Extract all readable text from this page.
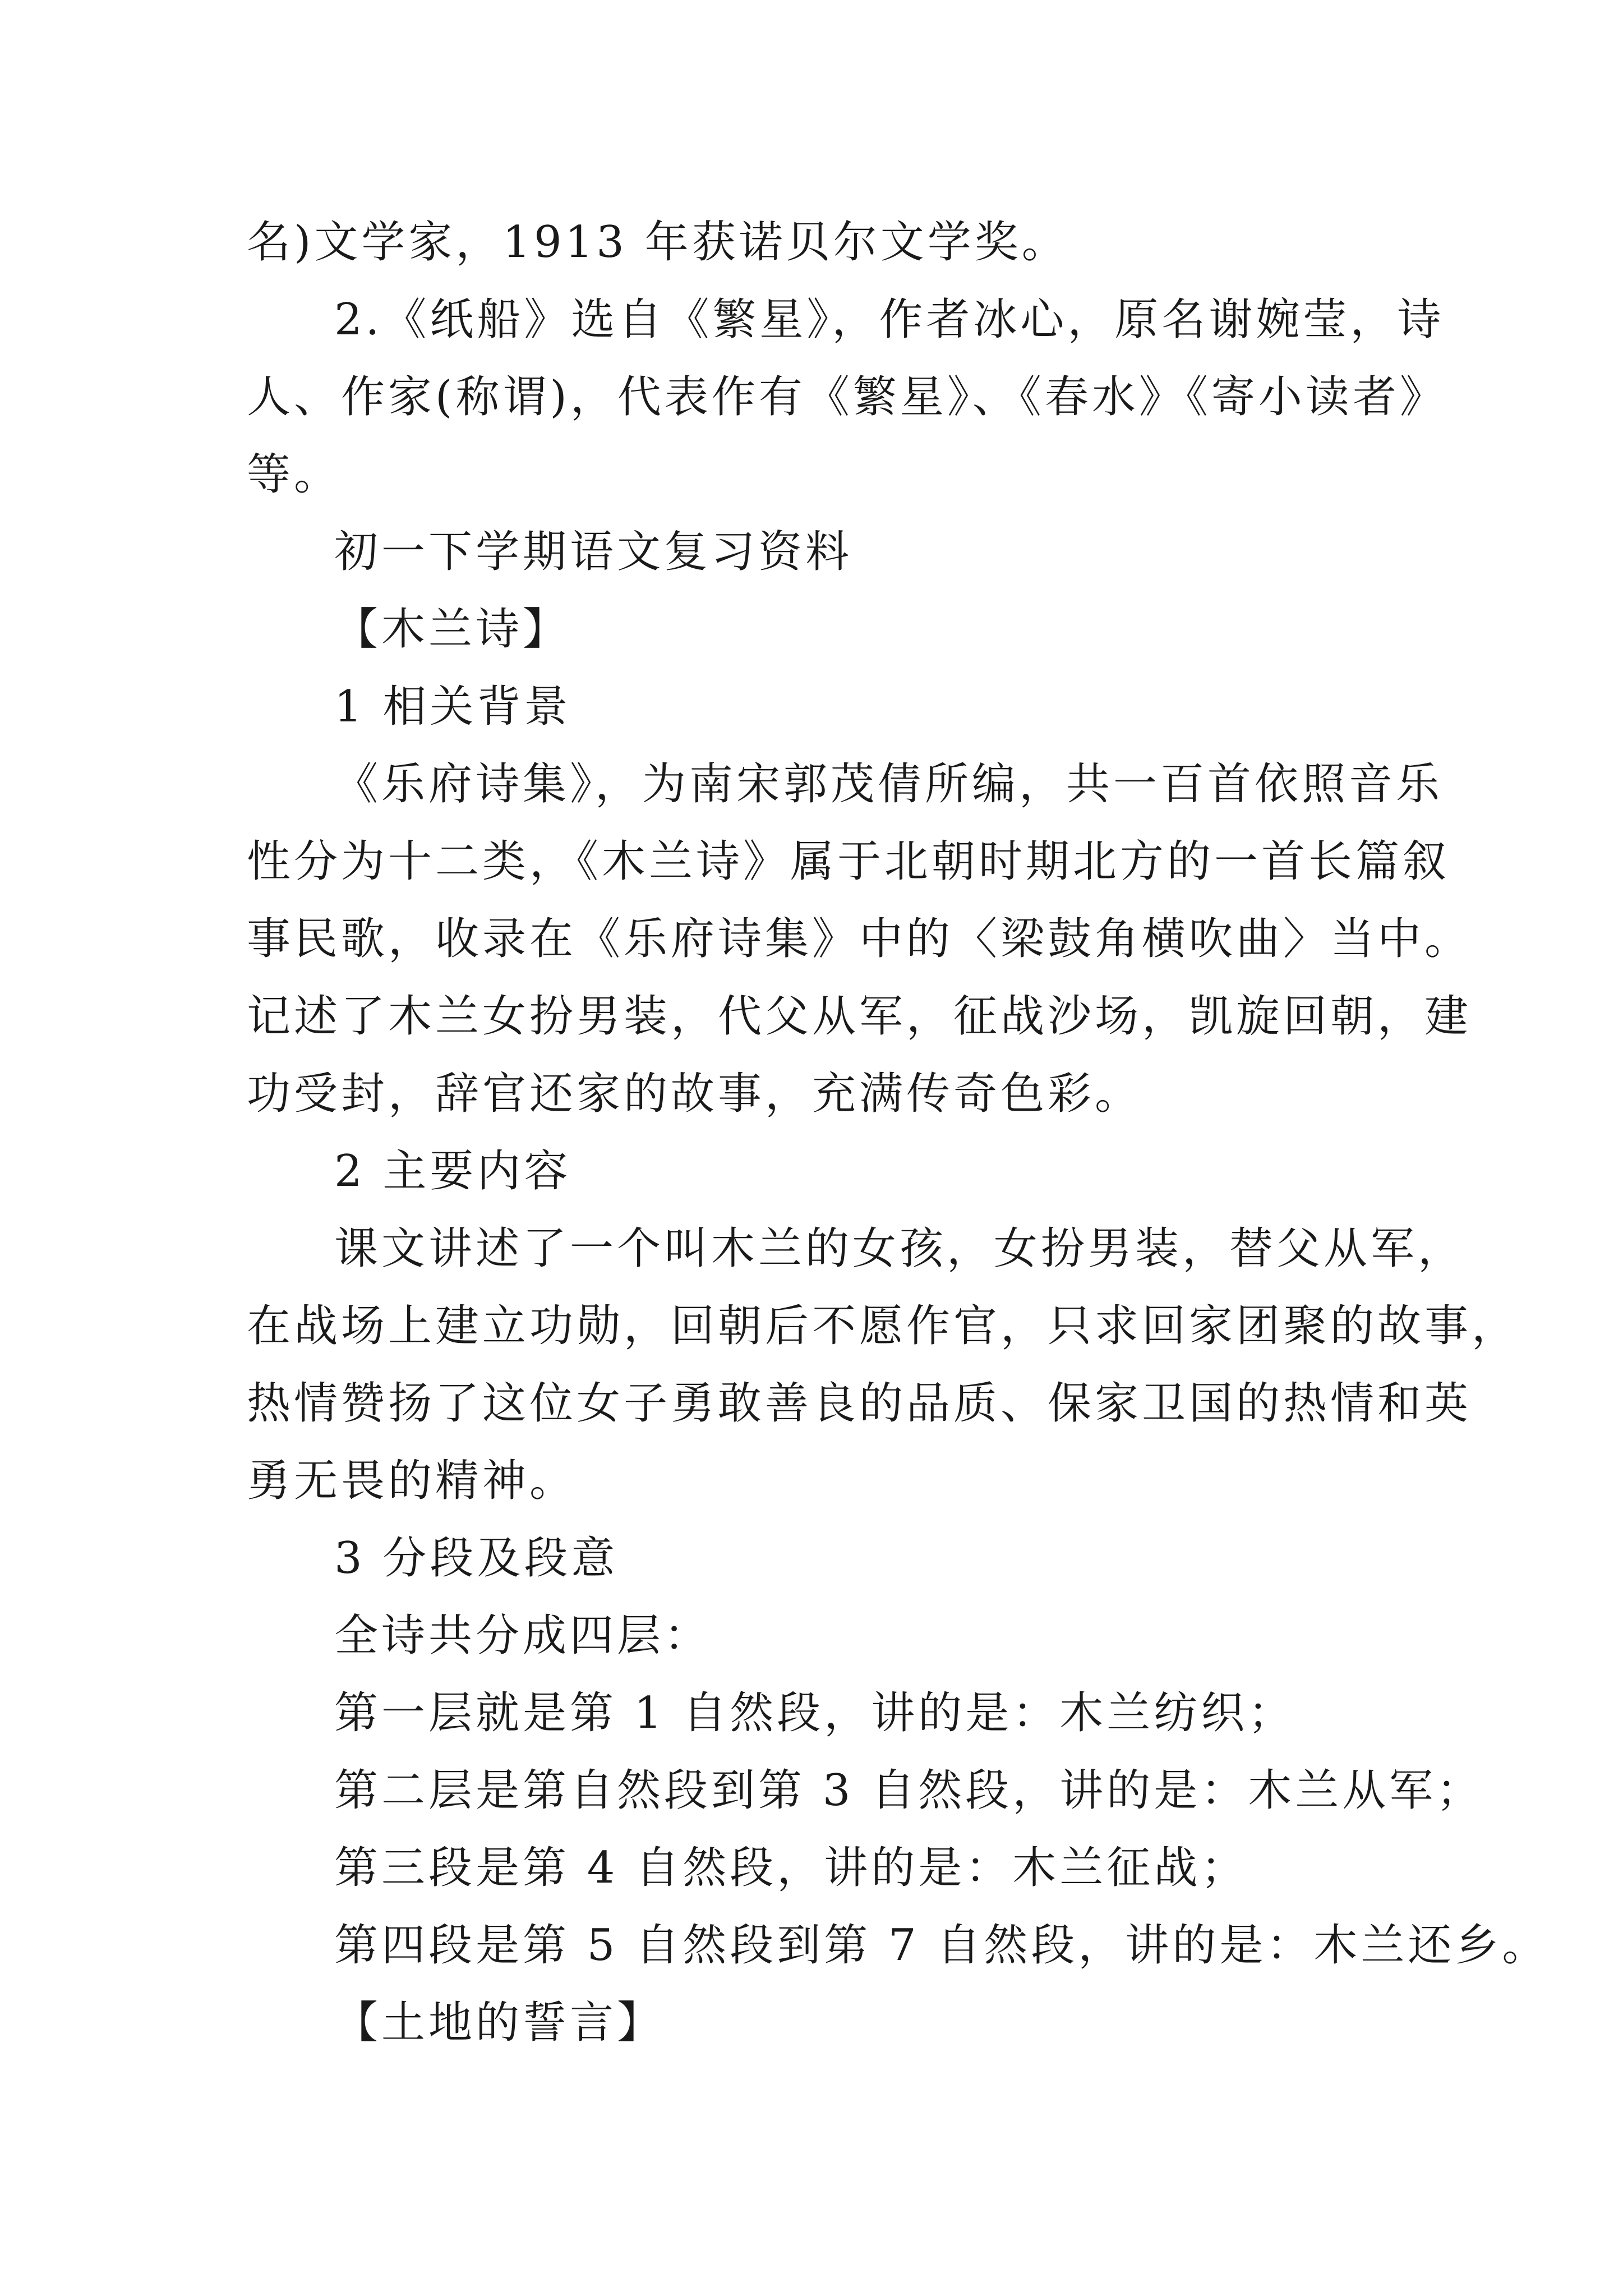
名)文学家，1913 年获诺贝尔文学奖。
2.《纸船》选自《繁星》，作者冰心，原名谢婉莹，诗
人、作家(称谓)，代表作有《繁星》、《春水》《寄小读者》
等。
初一下学期语文复习资料
【木兰诗】
1 相关背景
《乐府诗集》，为南宋郭茂倩所编，共一百首依照音乐
性分为十二类，《木兰诗》属于北朝时期北方的一首长篇叙
事民歌，收录在《乐府诗集》中的〈梁鼓角横吹曲〉当中。
记述了木兰女扮男装，代父从军，征战沙场，凯旋回朝，建
功受封，辞官还家的故事，充满传奇色彩。
2 主要内容
课文讲述了一个叫木兰的女孩，女扮男装，替父从军，
在战场上建立功勋，回朝后不愿作官，只求回家团聚的故事，
热情赞扬了这位女子勇敢善良的品质、保家卫国的热情和英
勇无畏的精神。
3 分段及段意
全诗共分成四层：
第一层就是第 1 自然段，讲的是：木兰纺织；
第二层是第自然段到第 3 自然段，讲的是：木兰从军；
第三段是第 4 自然段，讲的是：木兰征战；
第四段是第 5 自然段到第 7 自然段，讲的是：木兰还乡。
【土地的誓言】
